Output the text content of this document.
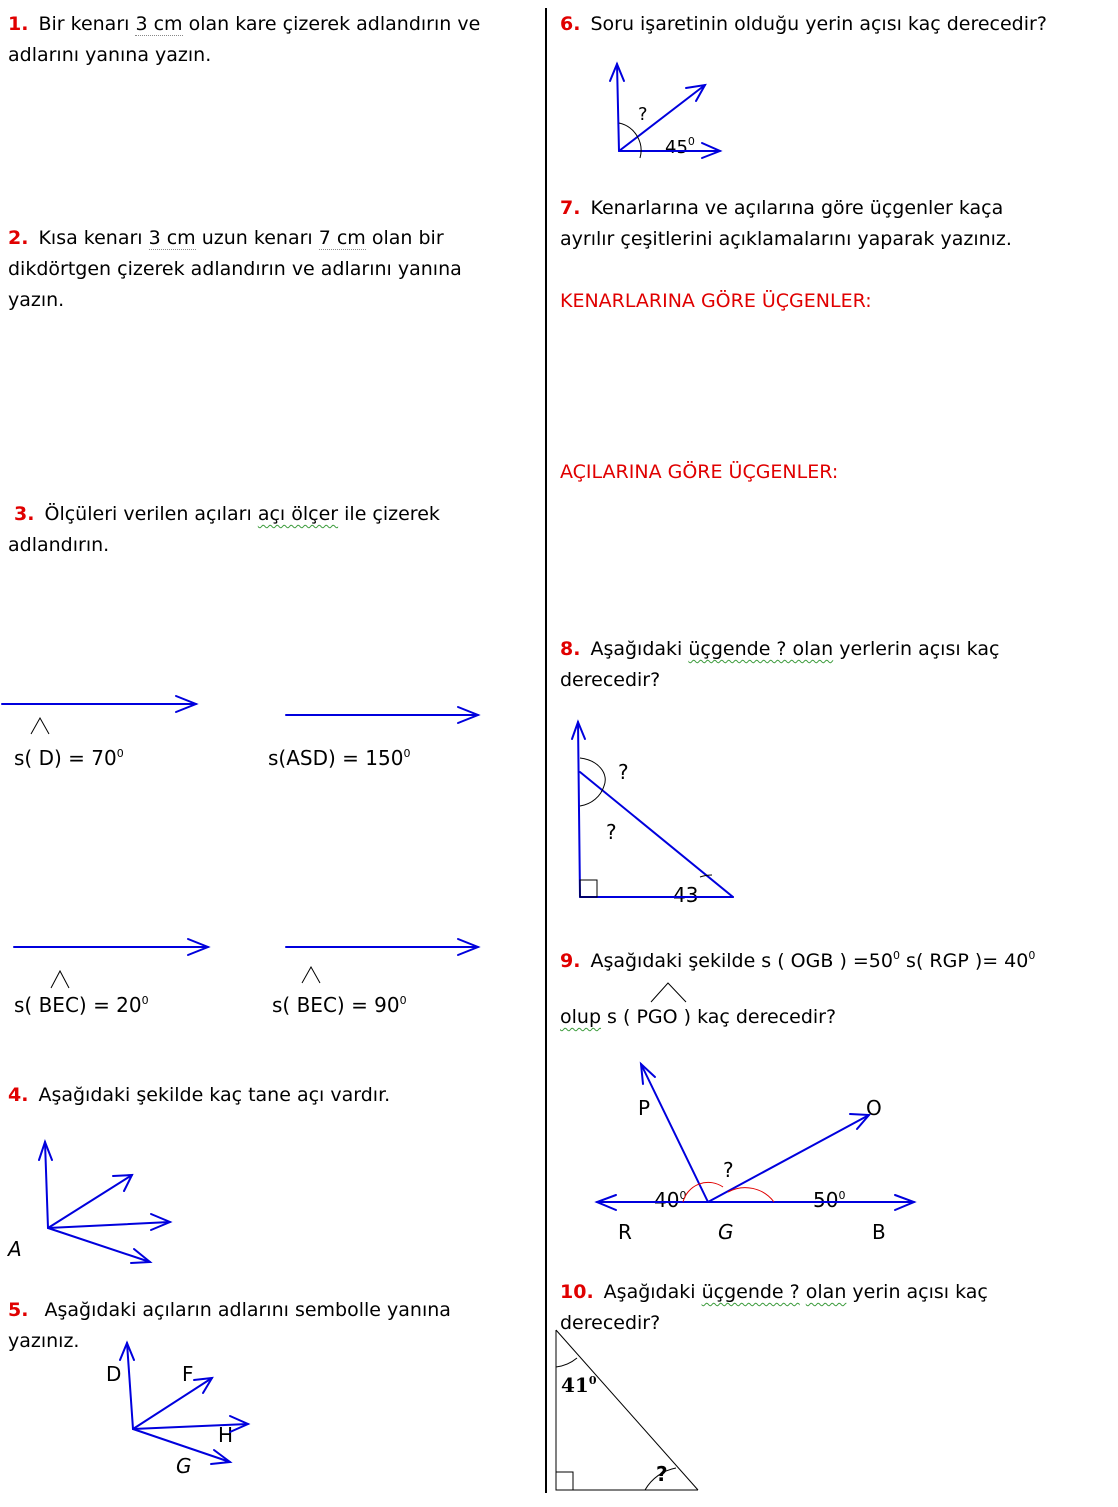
1. Bir kenarı 3 cm olan kare çizerek adlandırın ve
adlarını yanına yazın.
2. Kısa kenarı 3 cm uzun kenarı 7 cm olan bir
dikdörtgen çizerek adlandırın ve adlarını yanına
yazın.
3. Ölçüleri verilen açıları açı ölçer ile çizerek
adlandırın.
s( $D) = 70^0$	$s(ASD) = 150^0$
s( $BEC) = 20^0$	s( $BEC) = 90^0$
4. Aşağıdaki şekilde kaç tane açı vardır.
A
5. Aşağıdaki açıların adlarını sembolle yanına
yazınız.
D	F
H
G
6. Soru işaretinin olduğu yerin açısı kaç derecedir?
?
$45^0$
7. Kenarlarına ve açılarına göre üçgenler kaça
ayrılır çeşitlerini açıklamalarını yaparak yazınız.
KENARLARINA GÖRE ÜÇGENLER:
AÇILARINA GÖRE ÜÇGENLER:
8. Aşağıdaki üçgende ? olan yerlerin açısı kaç
derecedir?
?
?
43
9. Aşağıdaki şekilde s ( OGB ) $=50^0$ s( RGP )= $40^0$
olup s ( PGO ) kaç derecedir?
P	O
?
$40^0$	$50^0$
R	G	B
10. Aşağıdaki üçgende ? olan yerin açısı kaç
derecedir?
$41^0$
?
